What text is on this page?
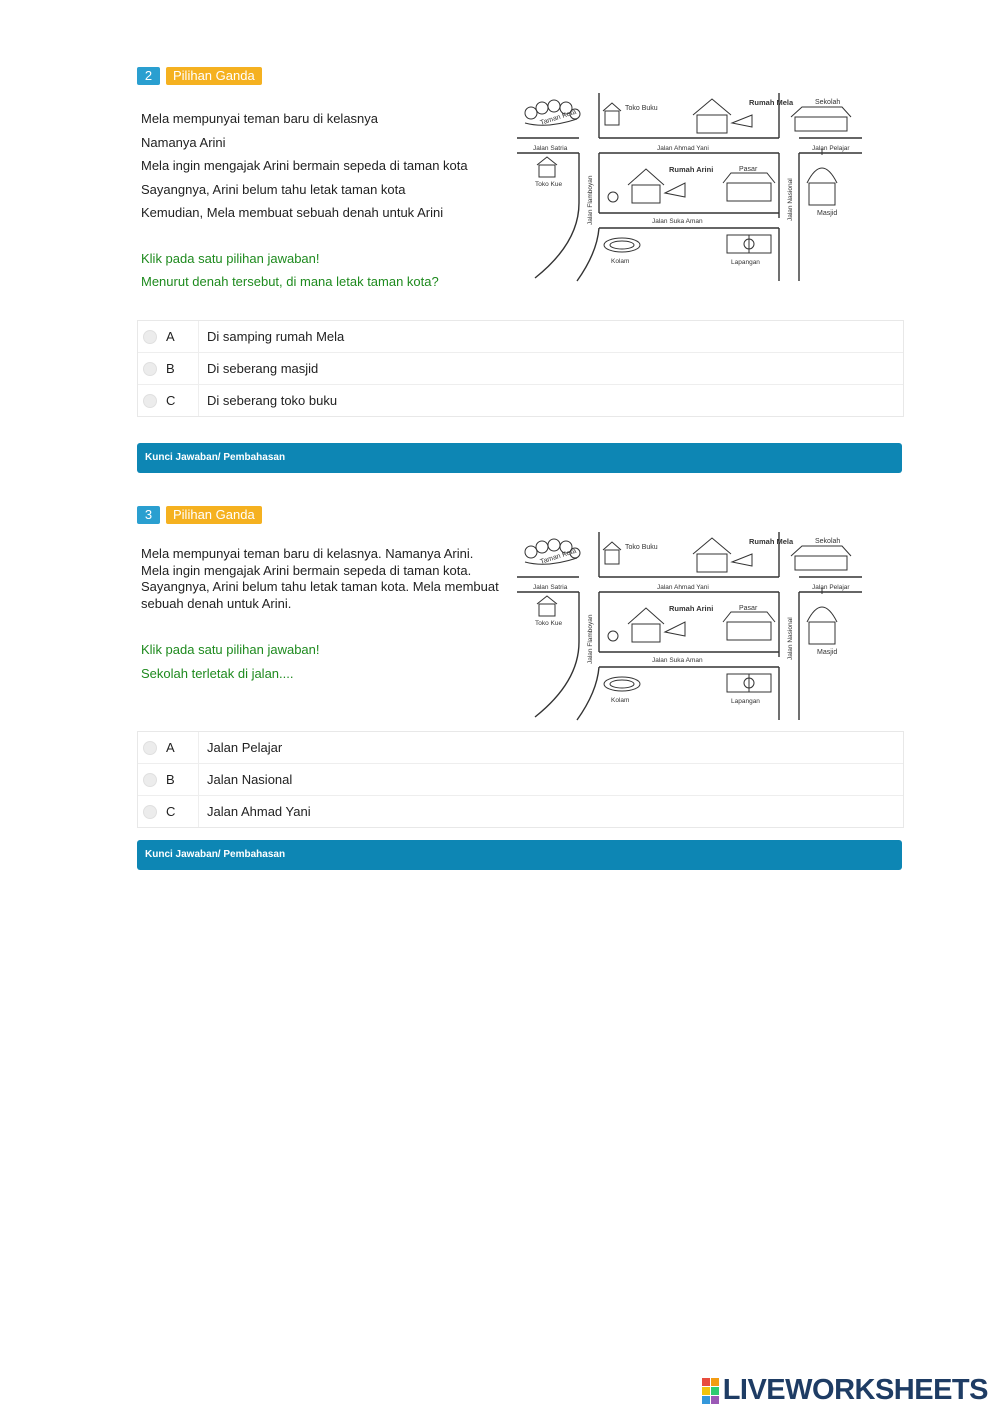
2	Pilihan Ganda

Mela mempunyai teman baru di kelasnya

Namanya Arini

Mela ingin mengajak Arini bermain sepeda di taman kota

Sayangnya, Arini belum tahu letak taman kota

Kemudian, Mela membuat sebuah denah untuk Arini

Klik pada satu pilihan jawaban!

Menurut denah tersebut, di mana letak taman kota?

Taman Kota
Toko Buku
Rumah Mela	Sekolah
Jalan Satria	Jalan Ahmad Yani	Jalan Pelajar
Toko Kue	Jalan Flamboyan
Rumah Arini	Pasar
Jalan Nasional	Masjid
Jalan Suka Aman
Kolam	Lapangan
A Di samping rumah Mela
B Di seberang masjid
C Di seberang toko buku
Kunci Jawaban/ Pembahasan
3	Pilihan Ganda

Mela mempunyai teman baru di kelasnya. Namanya Arini.

Mela ingin mengajak Arini bermain sepeda di taman kota.

Sayangnya, Arini belum tahu letak taman kota. Mela membuat

sebuah denah untuk Arini.

Klik pada satu pilihan jawaban!

Sekolah terletak di jalan....

Taman Kota
Toko Buku
Rumah Mela	Sekolah
Jalan Satria	Jalan Ahmad Yani	Jalan Pelajar
Toko Kue	Jalan Flamboyan
Rumah Arini	Pasar
Jalan Nasional	Masjid
Jalan Suka Aman
Kolam	Lapangan
A Jalan Pelajar
B Jalan Nasional
C Jalan Ahmad Yani
Kunci Jawaban/ Pembahasan
LIVEWORKSHEETS
